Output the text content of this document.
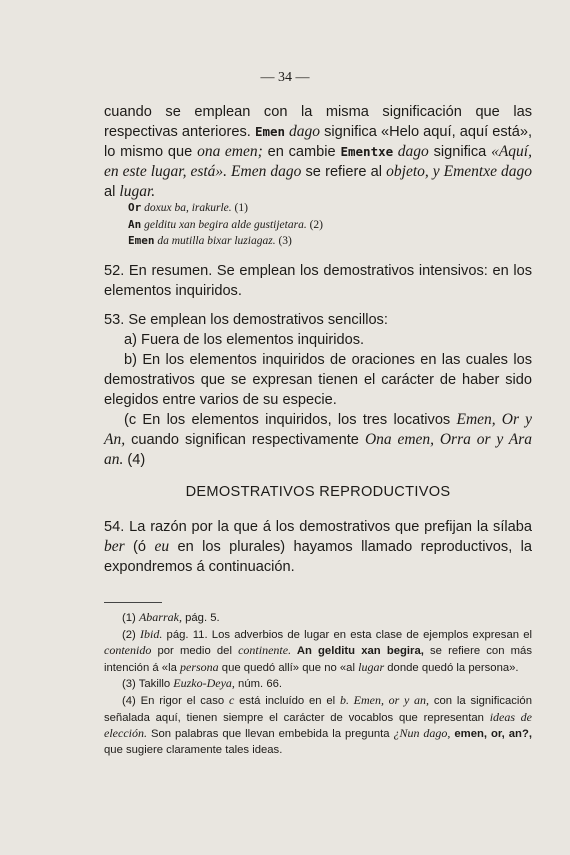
— 34 —
cuando se emplean con la misma significación que las respectivas anteriores. Emen dago significa «Helo aquí, aquí está», lo mismo que ona emen; en cambie Ementxe dago significa «Aquí, en este lugar, está». Emen dago se refiere al objeto, y Ementxe dago al lugar.
Or doxux ba, irakurle. (1)
An gelditu xan begira alde gustijetara. (2)
Emen da mutilla bixar luziagaz. (3)
52. En resumen. Se emplean los demostrativos intensivos: en los elementos inquiridos.
53. Se emplean los demostrativos sencillos:
a) Fuera de los elementos inquiridos.
b) En los elementos inquiridos de oraciones en las cuales los demostrativos que se expresan tienen el carácter de haber sido elegidos entre varios de su especie.
(c En los elementos inquiridos, los tres locativos Emen, Or y An, cuando significan respectivamente Ona emen, Orra or y Ara an. (4)
DEMOSTRATIVOS REPRODUCTIVOS
54. La razón por la que á los demostrativos que prefijan la sílaba ber (ó eu en los plurales) hayamos llamado reproductivos, la expondremos á continuación.

(1) Abarrak, pág. 5.

(2) Ibid. pág. 11. Los adverbios de lugar en esta clase de ejemplos expresan el contenido por medio del continente. An gelditu xan begira, se refiere con más intención á «la persona que quedó allí» que no «al lugar donde quedó la persona».

(3) Takillo Euzko-Deya, núm. 66.

(4) En rigor el caso c está incluído en el b. Emen, or y an, con la significación señalada aquí, tienen siempre el carácter de vocablos que representan ideas de elección. Son palabras que llevan embebida la pregunta ¿Nun dago, emen, or, an?, que sugiere claramente tales ideas.
